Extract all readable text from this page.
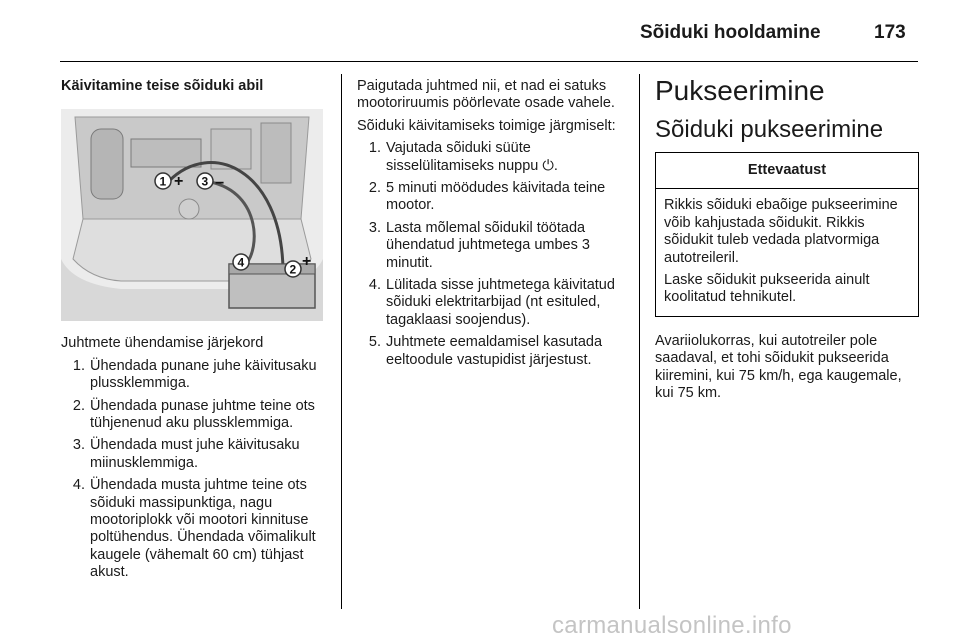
Sõiduki hooldamine	173

Käivitamine teise sõiduki abil

1 + 3 −
4	2 +

Juhtmete ühendamise järjekord

1. Ühendada punane juhe käivitusaku plussklemmiga.
2. Ühendada punase juhtme teine ots tühjenenud aku plussklemmiga.
3. Ühendada must juhe käivitusaku miinusklemmiga.
4. Ühendada musta juhtme teine ots sõiduki massipunktiga, nagu mootoriplokk või mootori kinnituse poltühendus. Ühendada võimalikult kaugele (vähemalt 60 cm) tühjast akust.

Paigutada juhtmed nii, et nad ei satuks mootoriruumis pöörlevate osade vahele.

Sõiduki käivitamiseks toimige järgmiselt:

1. Vajutada sõiduki süüte sisselülitamiseks nuppu ⏻.
2. 5 minuti möödudes käivitada teine mootor.
3. Lasta mõlemal sõidukil töötada ühendatud juhtmetega umbes 3 minutit.
4. Lülitada sisse juhtmetega käivitatud sõiduki elektritarbijad (nt esituled, tagaklaasi soojendus).
5. Juhtmete eemaldamisel kasutada eeltoodule vastupidist järjestust.
Pukseerimine
Sõiduki pukseerimine
Ettevaatust

Rikkis sõiduki ebaõige pukseerimine võib kahjustada sõidukit. Rikkis sõidukit tuleb vedada platvormiga autotreileril.

Laske sõidukit pukseerida ainult koolitatud tehnikutel.

Avariiolukorras, kui autotreiler pole saadaval, et tohi sõidukit pukseerida kiiremini, kui 75 km/h, ega kaugemale, kui 75 km.

carmanualsonline.info
